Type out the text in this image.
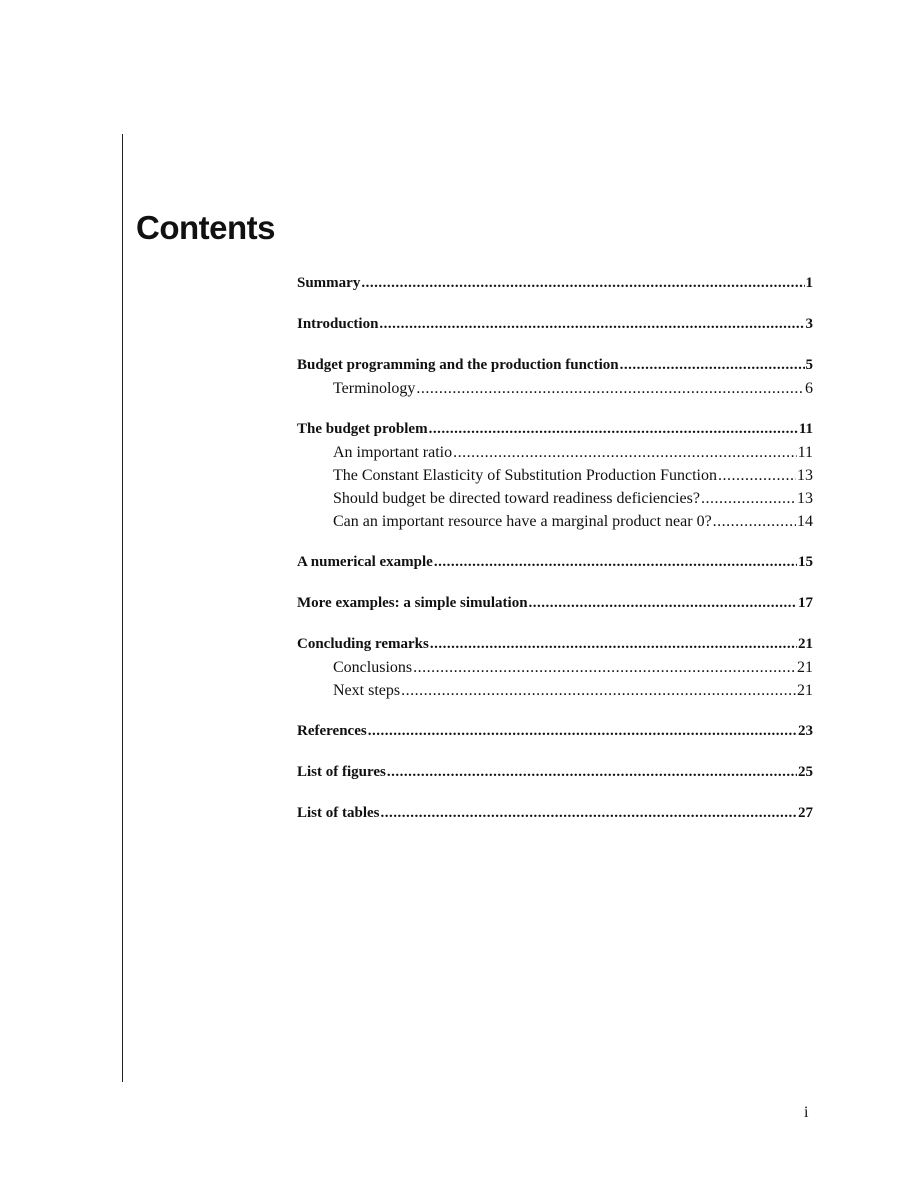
Contents
Summary .....	1
Introduction .....	3
Budget programming and the production function .....	5
Terminology .....	6
The budget problem .....	11
An important ratio .....	11
The Constant Elasticity of Substitution Production Function .....	13
Should budget be directed toward readiness deficiencies? .....	13
Can an important resource have a marginal product near 0? .....	14
A numerical example .....	15
More examples: a simple simulation .....	17
Concluding remarks .....	21
Conclusions .....	21
Next steps .....	21
References .....	23
List of figures .....	25
List of tables .....	27
i
